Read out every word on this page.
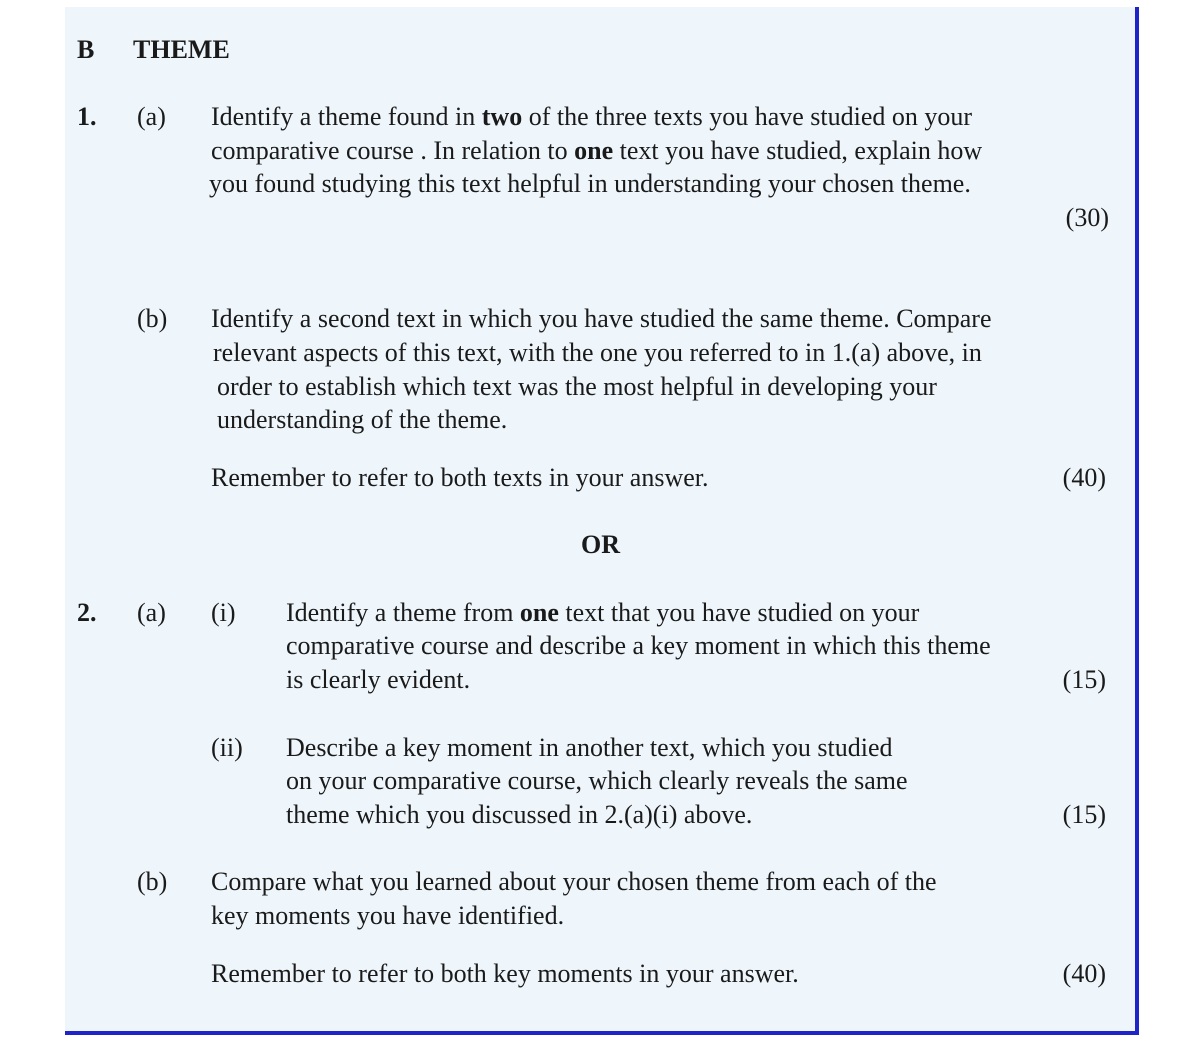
B THEME
1. (a) Identify a theme found in two of the three texts you have studied on your
comparative course . In relation to one text you have studied, explain how
you found studying this text helpful in understanding your chosen theme.
(30)
(b) Identify a second text in which you have studied the same theme. Compare
relevant aspects of this text, with the one you referred to in 1.(a) above, in
order to establish which text was the most helpful in developing your
understanding of the theme.
Remember to refer to both texts in your answer.	(40)
OR
2. (a) (i) Identify a theme from one text that you have studied on your
comparative course and describe a key moment in which this theme
is clearly evident.	(15)
(ii) Describe a key moment in another text, which you studied
on your comparative course, which clearly reveals the same
theme which you discussed in 2.(a)(i) above.	(15)
(b) Compare what you learned about your chosen theme from each of the
key moments you have identified.
Remember to refer to both key moments in your answer.	(40)
